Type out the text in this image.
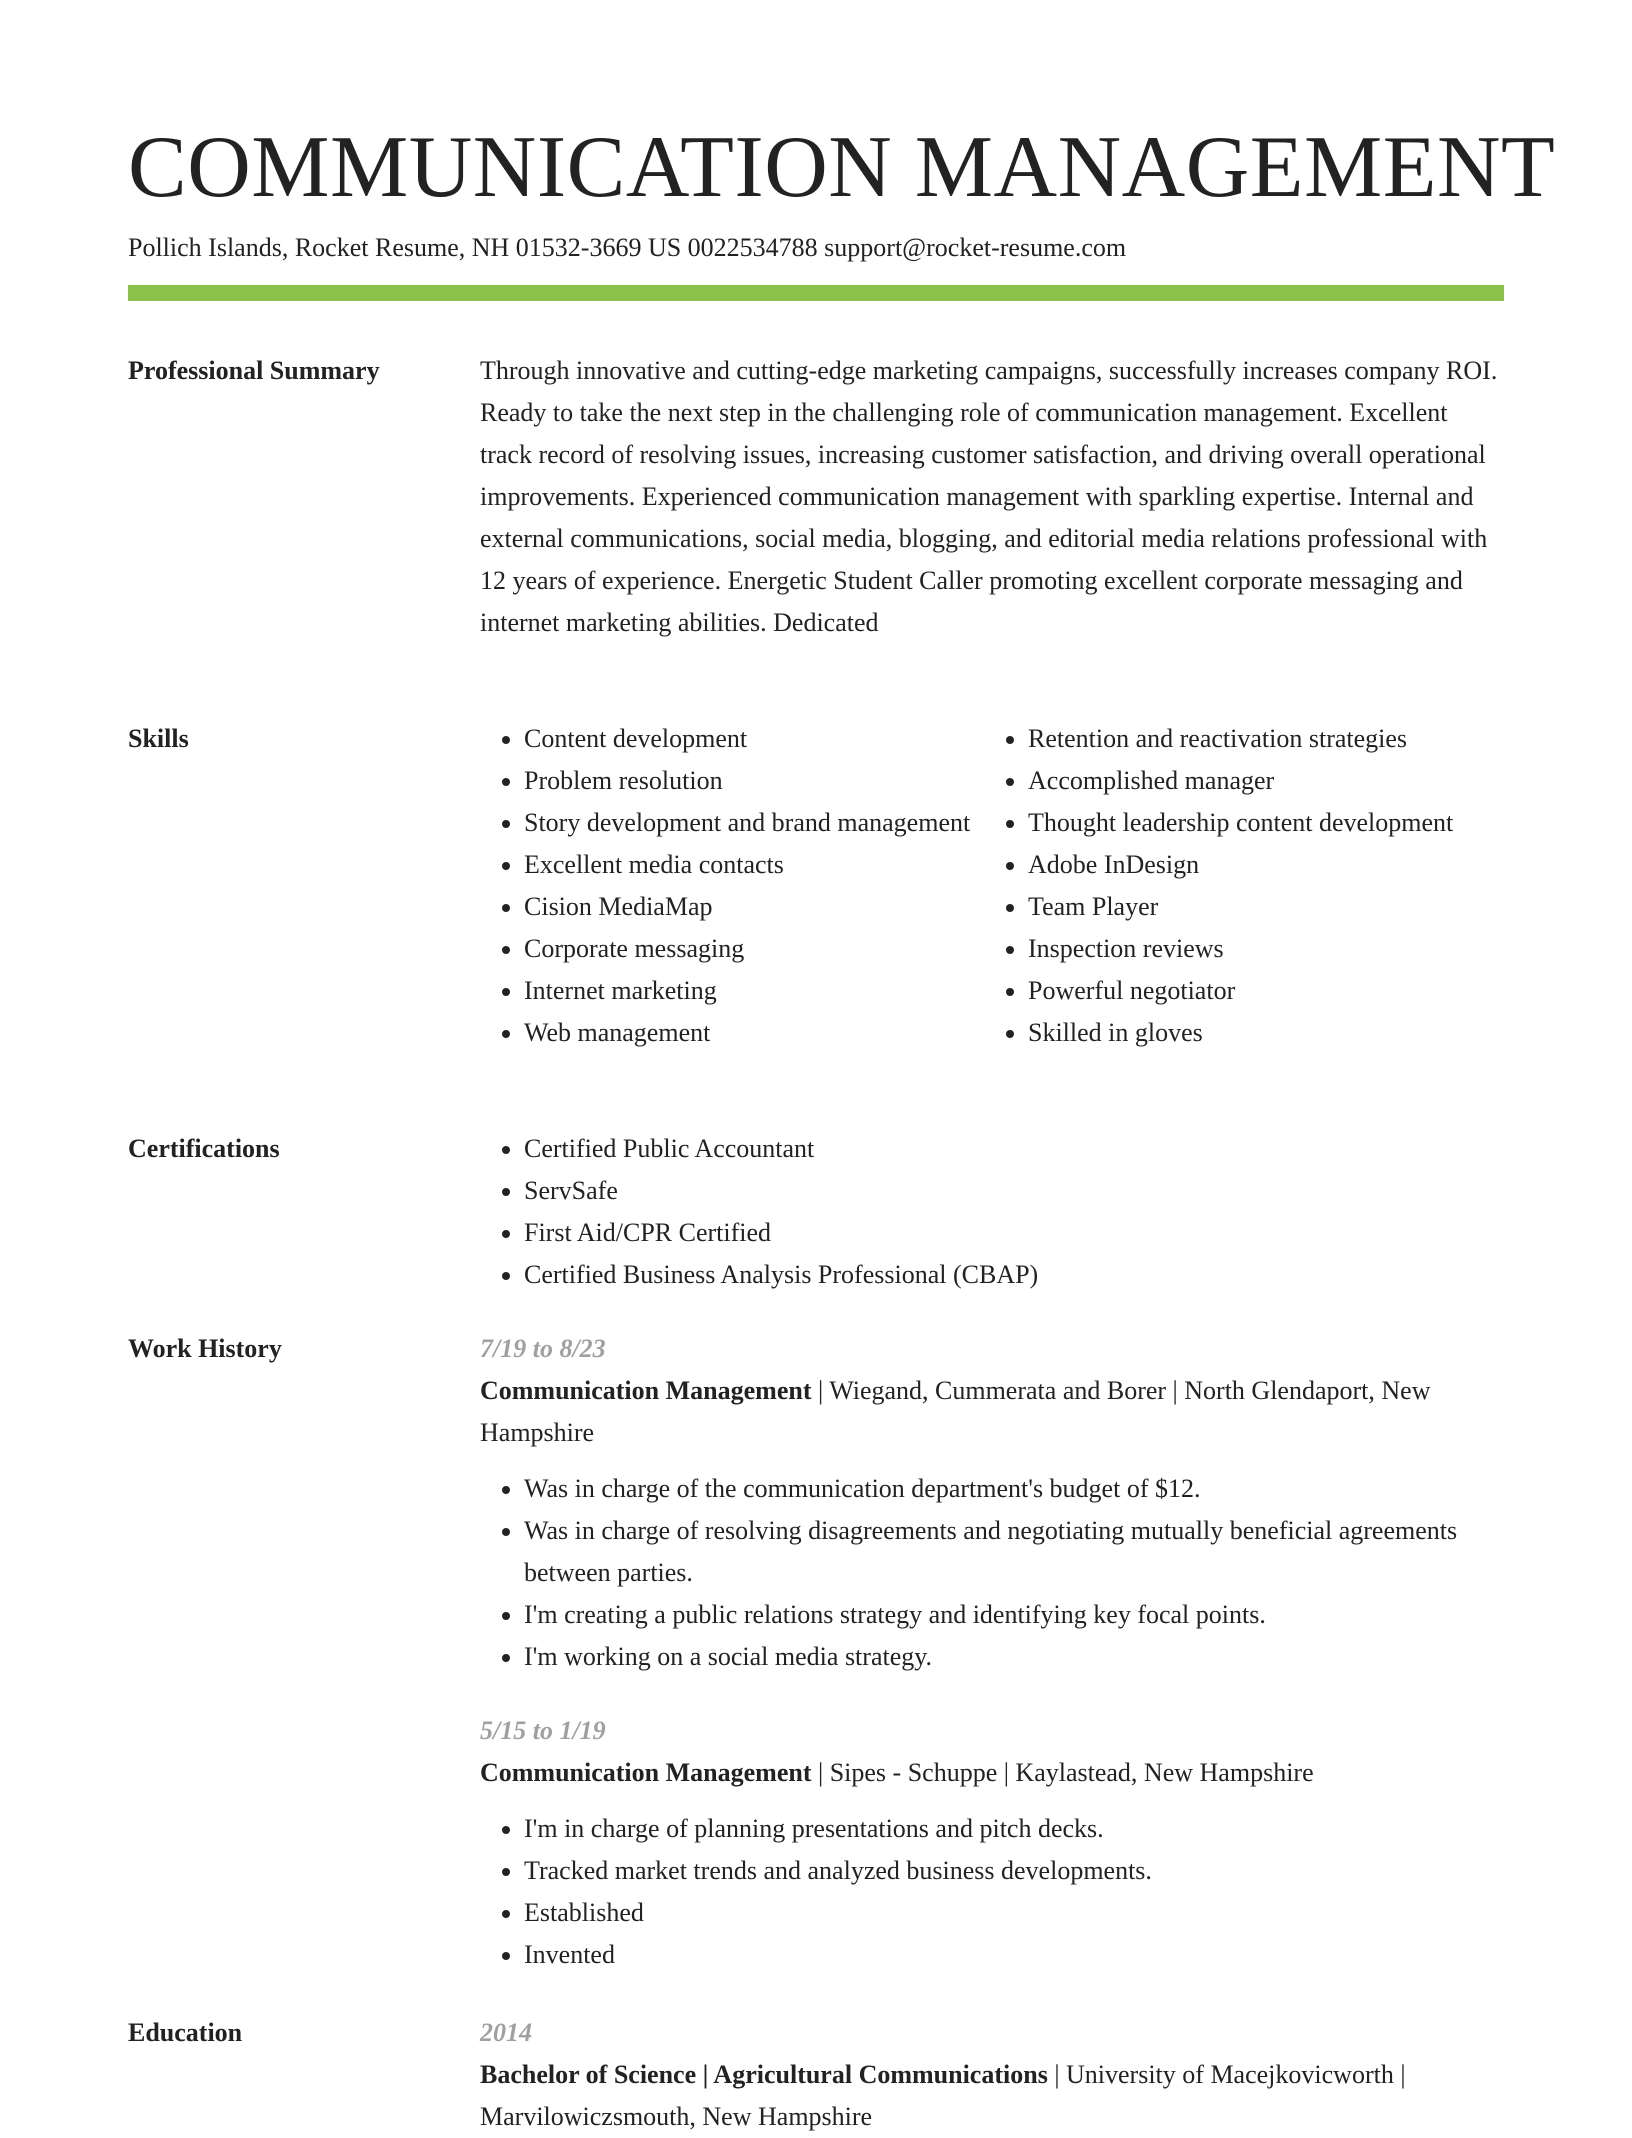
COMMUNICATION MANAGEMENT
Pollich Islands, Rocket Resume, NH 01532-3669 US 0022534788 support@rocket-resume.com
Professional Summary	Through innovative and cutting-edge marketing campaigns, successfully increases company ROI. Ready to take the next step in the challenging role of communication management. Excellent track record of resolving issues, increasing customer satisfaction, and driving overall operational improvements. Experienced communication management with sparkling expertise. Internal and external communications, social media, blogging, and editorial media relations professional with 12 years of experience. Energetic Student Caller promoting excellent corporate messaging and internet marketing abilities. Dedicated

Skills	• Content development
• Problem resolution
• Story development and brand management
• Excellent media contacts
• Cision MediaMap
• Corporate messaging
• Internet marketing
• Web management
• Retention and reactivation strategies
• Accomplished manager
• Thought leadership content development
• Adobe InDesign
• Team Player
• Inspection reviews
• Powerful negotiator
• Skilled in gloves
Certifications	• Certified Public Accountant
• ServSafe
• First Aid/CPR Certified
• Certified Business Analysis Professional (CBAP)
Work History	7/19 to 8/23
Communication Management | Wiegand, Cummerata and Borer | North Glendaport, New Hampshire
• Was in charge of the communication department's budget of $12.
• Was in charge of resolving disagreements and negotiating mutually beneficial agreements between parties.
• I'm creating a public relations strategy and identifying key focal points.
• I'm working on a social media strategy.
5/15 to 1/19
Communication Management | Sipes - Schuppe | Kaylastead, New Hampshire
• I'm in charge of planning presentations and pitch decks.
• Tracked market trends and analyzed business developments.
• Established
• Invented
Education	2014
Bachelor of Science | Agricultural Communications | University of Macejkovicworth | Marvilowiczsmouth, New Hampshire
